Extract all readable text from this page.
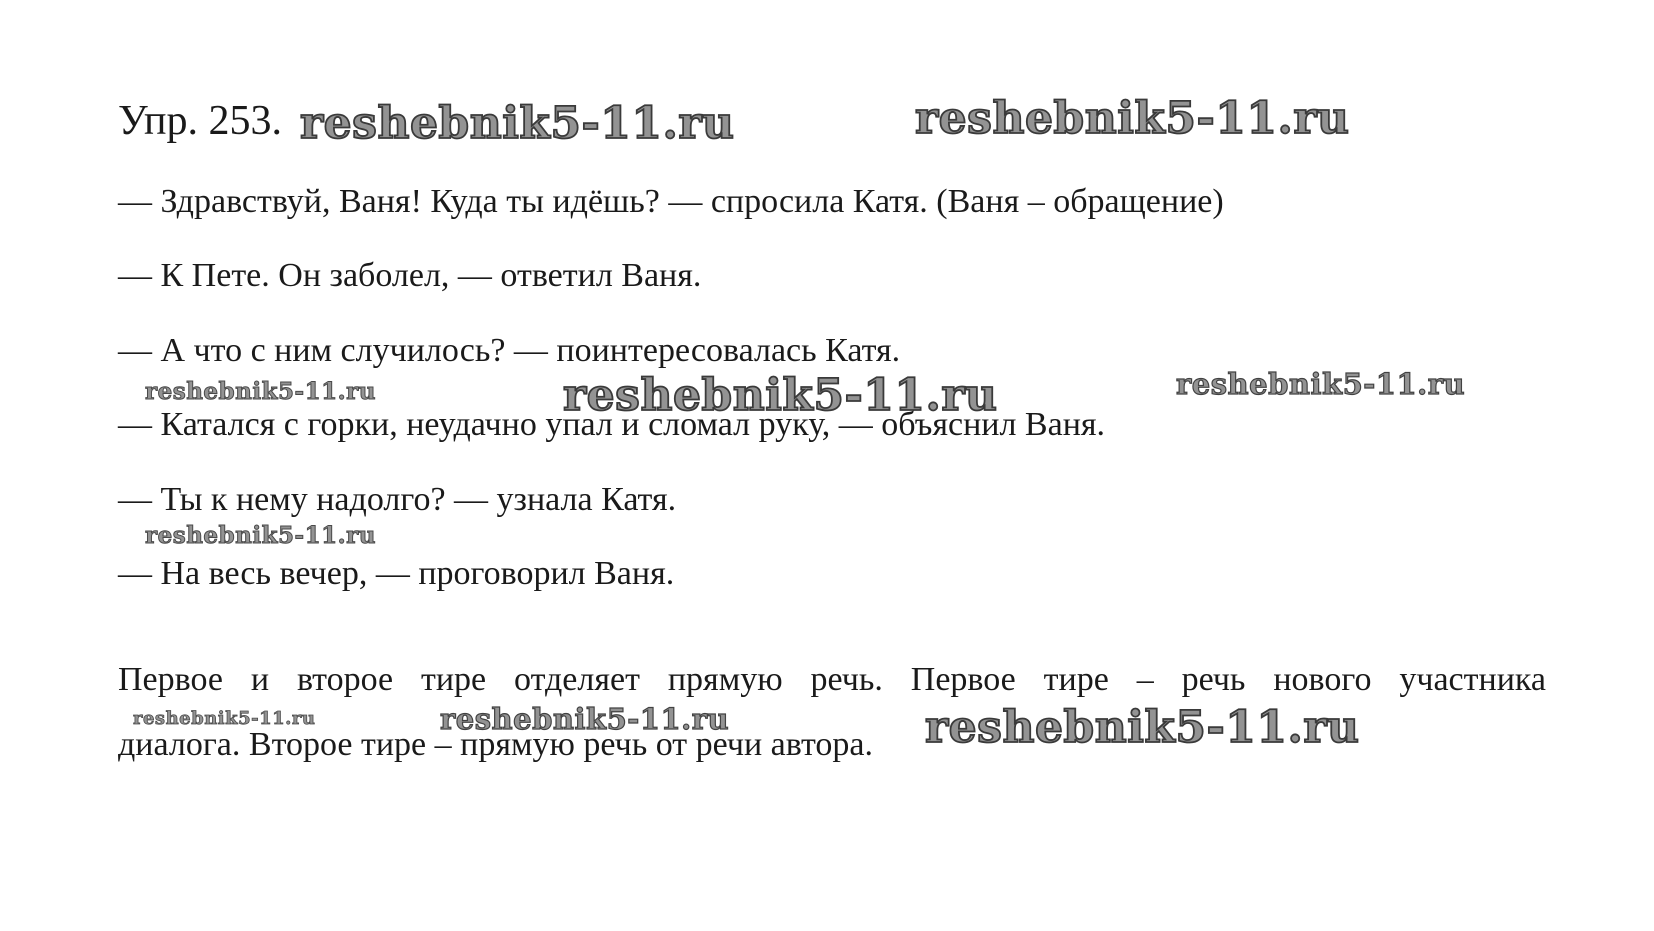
Упр. 253.
— Здравствуй, Ваня! Куда ты идёшь? — спросила Катя. (Ваня – обращение)
— К Пете. Он заболел, — ответил Ваня.
— А что с ним случилось? — поинтересовалась Катя.
— Катался с горки, неудачно упал и сломал руку, — объяснил Ваня.
— Ты к нему надолго? — узнала Катя.
— На весь вечер, — проговорил Ваня.
Первое и второе тире отделяет прямую речь. Первое тире – речь нового участника
диалога. Второе тире – прямую речь от речи автора.
reshebnik5-11.ru	reshebnik5-11.ru
reshebnik5-11.ru	reshebnik5-11.ru	reshebnik5-11.ru
reshebnik5-11.ru
reshebnik5-11.ru	reshebnik5-11.ru	reshebnik5-11.ru
